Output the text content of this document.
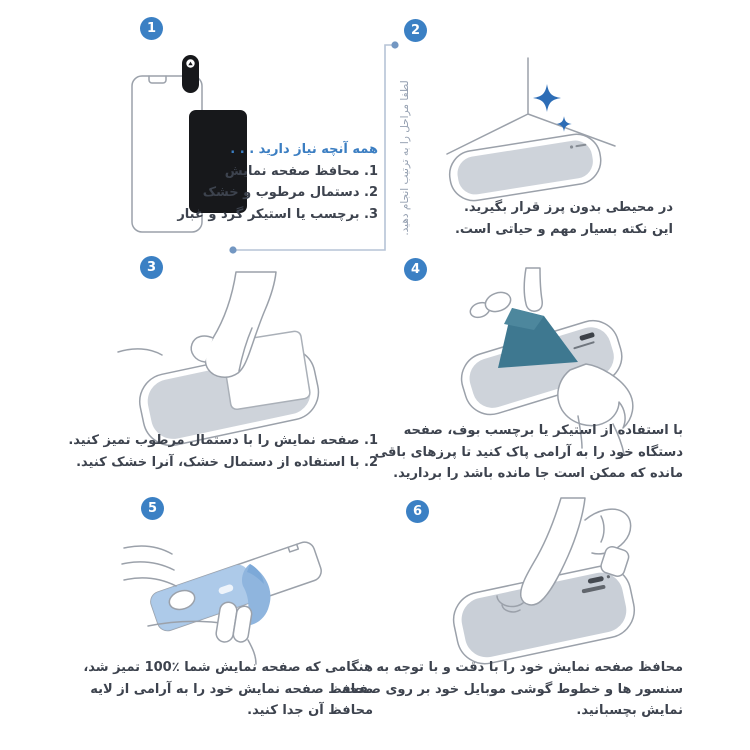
1	2
3	4
5	6
لطفا مراحل را به ترتیب انجام دهید.
همه آنچه نیاز دارید . . .
1. محافظ صفحه نمایش
2. دستمال مرطوب و خشک
3. برچسب یا استیکر گرد و غبار	در محیطی بدون پرز قرار بگیرید.
این نکته بسیار مهم و حیاتی است.
1. صفحه نمایش را با دستمال مرطوب تمیز کنید.
2. با استفاده از دستمال خشک، آنرا خشک کنید.
با استفاده از استیکر یا برچسب بوف، صفحه
دستگاه خود را به آرامی پاک کنید تا پرزهای باقی
مانده که ممکن است جا مانده باشد را بردارید.
هنگامی که صفحه نمایش شما ٪100 تمیز شد،
محافظ صفحه نمایش خود را به آرامی از لایه
محافظ آن جدا کنید.
محافظ صفحه نمایش خود را با دقت و با توجه به
سنسور ها و خطوط گوشی موبایل خود بر روی صفحه
نمایش بچسبانید.
